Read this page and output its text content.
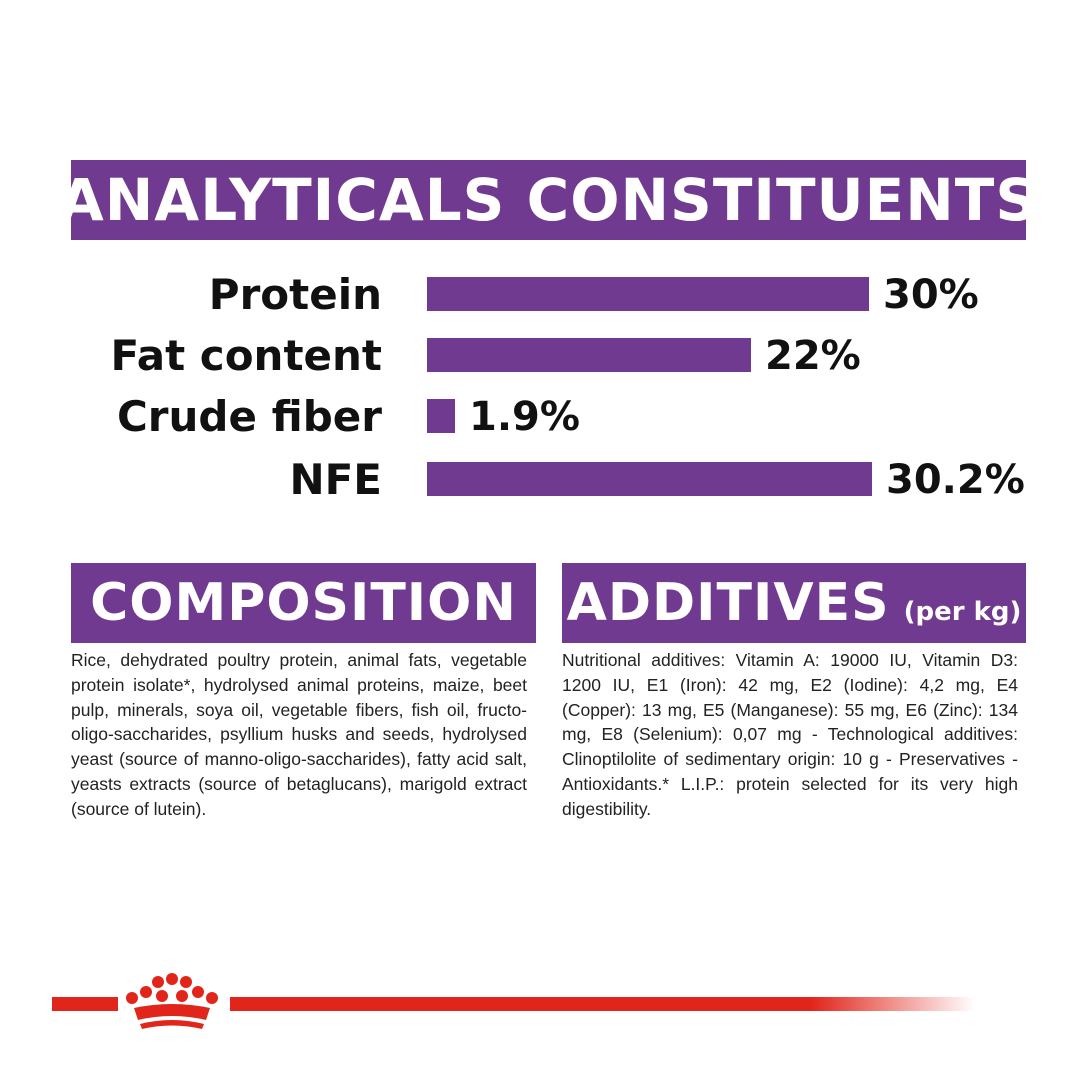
ANALYTICALS CONSTITUENTS
Protein	30%
Fat content	22%
Crude fiber 1.9%
NFE	30.2%
COMPOSITION
Rice, dehydrated poultry protein, animal fats, vegetable protein isolate*, hydrolysed animal proteins, maize, beet pulp, minerals, soya oil, vegetable fibers, fish oil, fructo- oligo-saccharides, psyllium husks and seeds, hydrolysed yeast (source of manno-oligo-saccharides), fatty acid salt, yeasts extracts (source of betaglucans), marigold extract (source of lutein).
ADDITIVES (per kg)
Nutritional additives: Vitamin A: 19000 IU, Vitamin D3: 1200 IU, E1 (Iron): 42 mg, E2 (Iodine): 4,2 mg, E4 (Copper): 13 mg, E5 (Manganese): 55 mg, E6 (Zinc): 134 mg, E8 (Selenium): 0,07 mg - Technological additives: Clinoptilolite of sedimentary origin: 10 g - Preservatives - Antioxidants.* L.I.P.: protein selected for its very high digestibility.
